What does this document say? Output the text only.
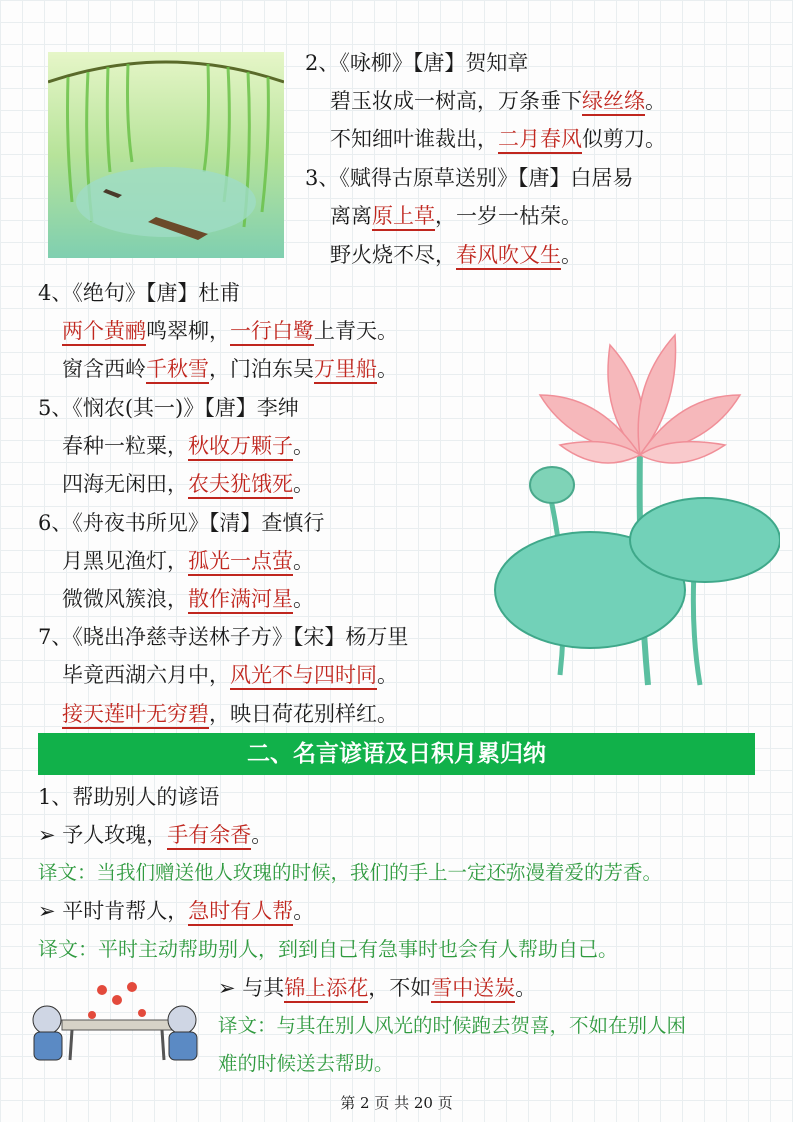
2、《咏柳》【唐】贺知章
碧玉妆成一树高，万条垂下绿丝绦。
不知细叶谁裁出，二月春风似剪刀。
3、《赋得古原草送别》【唐】白居易
离离原上草，一岁一枯荣。
野火烧不尽，春风吹又生。
4、《绝句》【唐】杜甫
两个黄鹂鸣翠柳，一行白鹭上青天。
窗含西岭千秋雪，门泊东吴万里船。
5、《悯农(其一)》【唐】李绅
春种一粒粟，秋收万颗子。
四海无闲田，农夫犹饿死。
6、《舟夜书所见》【清】查慎行
月黑见渔灯，孤光一点萤。
微微风簇浪，散作满河星。
7、《晓出净慈寺送林子方》【宋】杨万里
毕竟西湖六月中，风光不与四时同。
接天莲叶无穷碧，映日荷花别样红。
二、名言谚语及日积月累归纳
1、帮助别人的谚语
➢ 予人玫瑰，手有余香。
译文：当我们赠送他人玫瑰的时候，我们的手上一定还弥漫着爱的芳香。
➢ 平时肯帮人，急时有人帮。
译文：平时主动帮助别人，到到自己有急事时也会有人帮助自己。
➢ 与其锦上添花，不如雪中送炭。
译文：与其在别人风光的时候跑去贺喜，不如在别人困
难的时候送去帮助。
第 2 页 共 20 页
